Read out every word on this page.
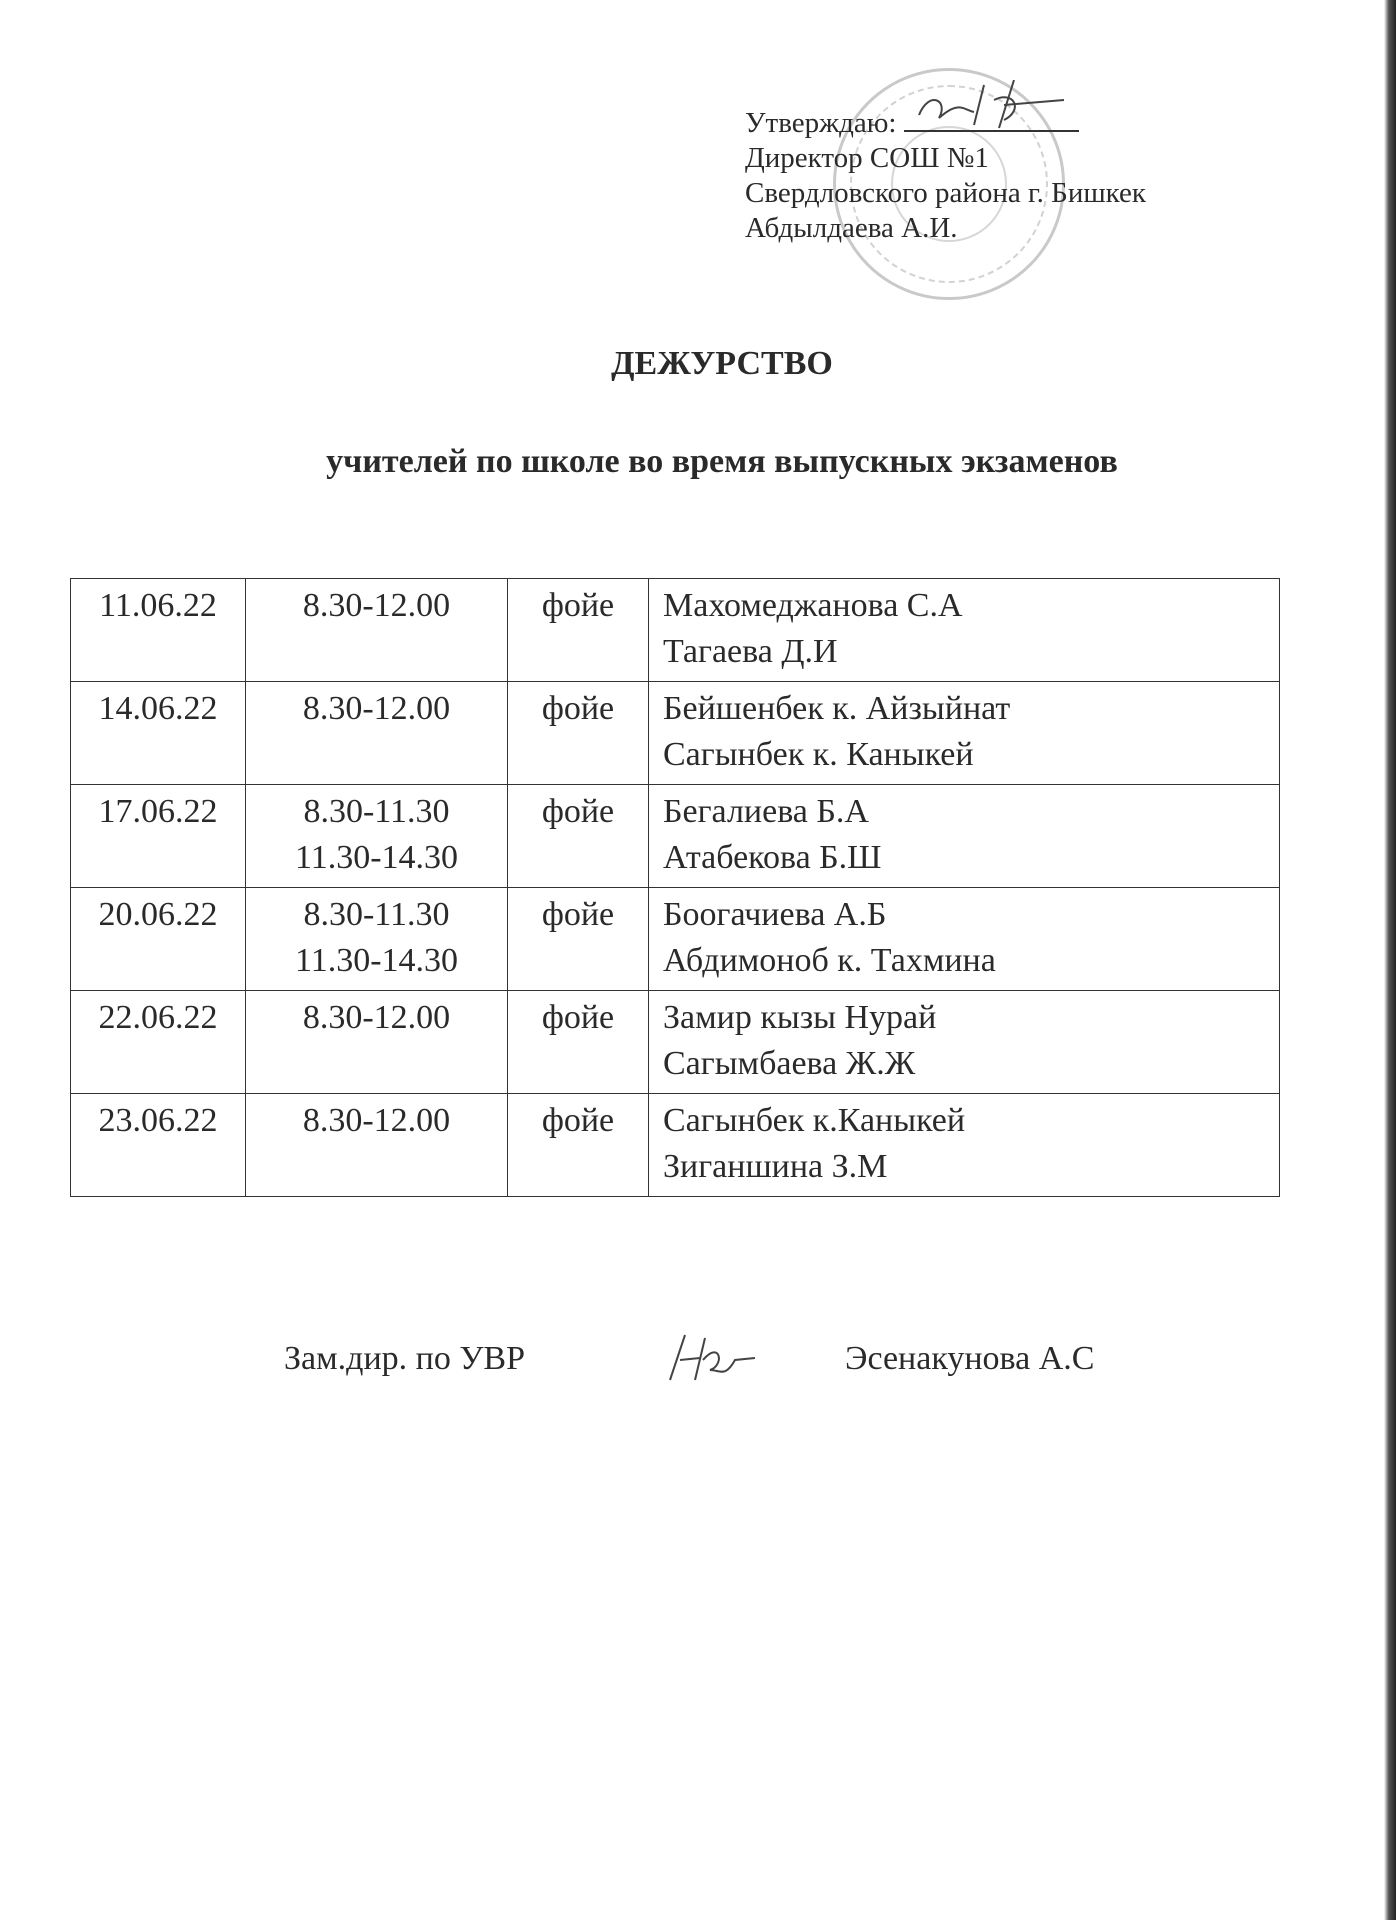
Утверждаю:
Директор СОШ №1
Свердловского района г. Бишкек
Абдылдаева А.И.
ДЕЖУРСТВО
учителей по школе во время выпускных экзаменов
11.06.22	8.30-12.00	фойе	Махомеджанова С.А
Тагаева Д.И

14.06.22	8.30-12.00	фойе	Бейшенбек к. Айзыйнат
Сагынбек к. Каныкей

17.06.22	8.30-11.30
11.30-14.30	фойе	Бегалиева Б.А
Атабекова Б.Ш

20.06.22	8.30-11.30
11.30-14.30	фойе	Боогачиева А.Б
Абдимоноб к. Тахмина

22.06.22	8.30-12.00	фойе	Замир кызы Нурай
Сагымбаева Ж.Ж

23.06.22	8.30-12.00	фойе	Сагынбек к.Каныкей
Зиганшина З.М
Зам.дир. по УВР	Эсенакунова А.С
